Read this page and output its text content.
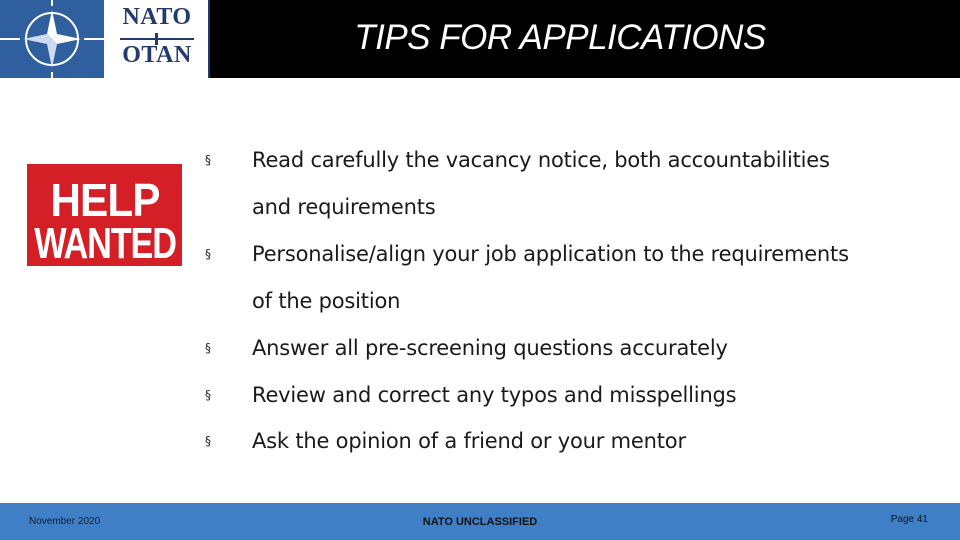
NATO
OTAN	TIPS FOR APPLICATIONS
HELP
WANTED
§ Read carefully the vacancy notice, both accountabilities
and requirements
§ Personalise/align your job application to the requirements
of the position
§ Answer all pre-screening questions accurately
§ Review and correct any typos and misspellings
§ Ask the opinion of a friend or your mentor
November 2020	NATO UNCLASSIFIED	Page 41
